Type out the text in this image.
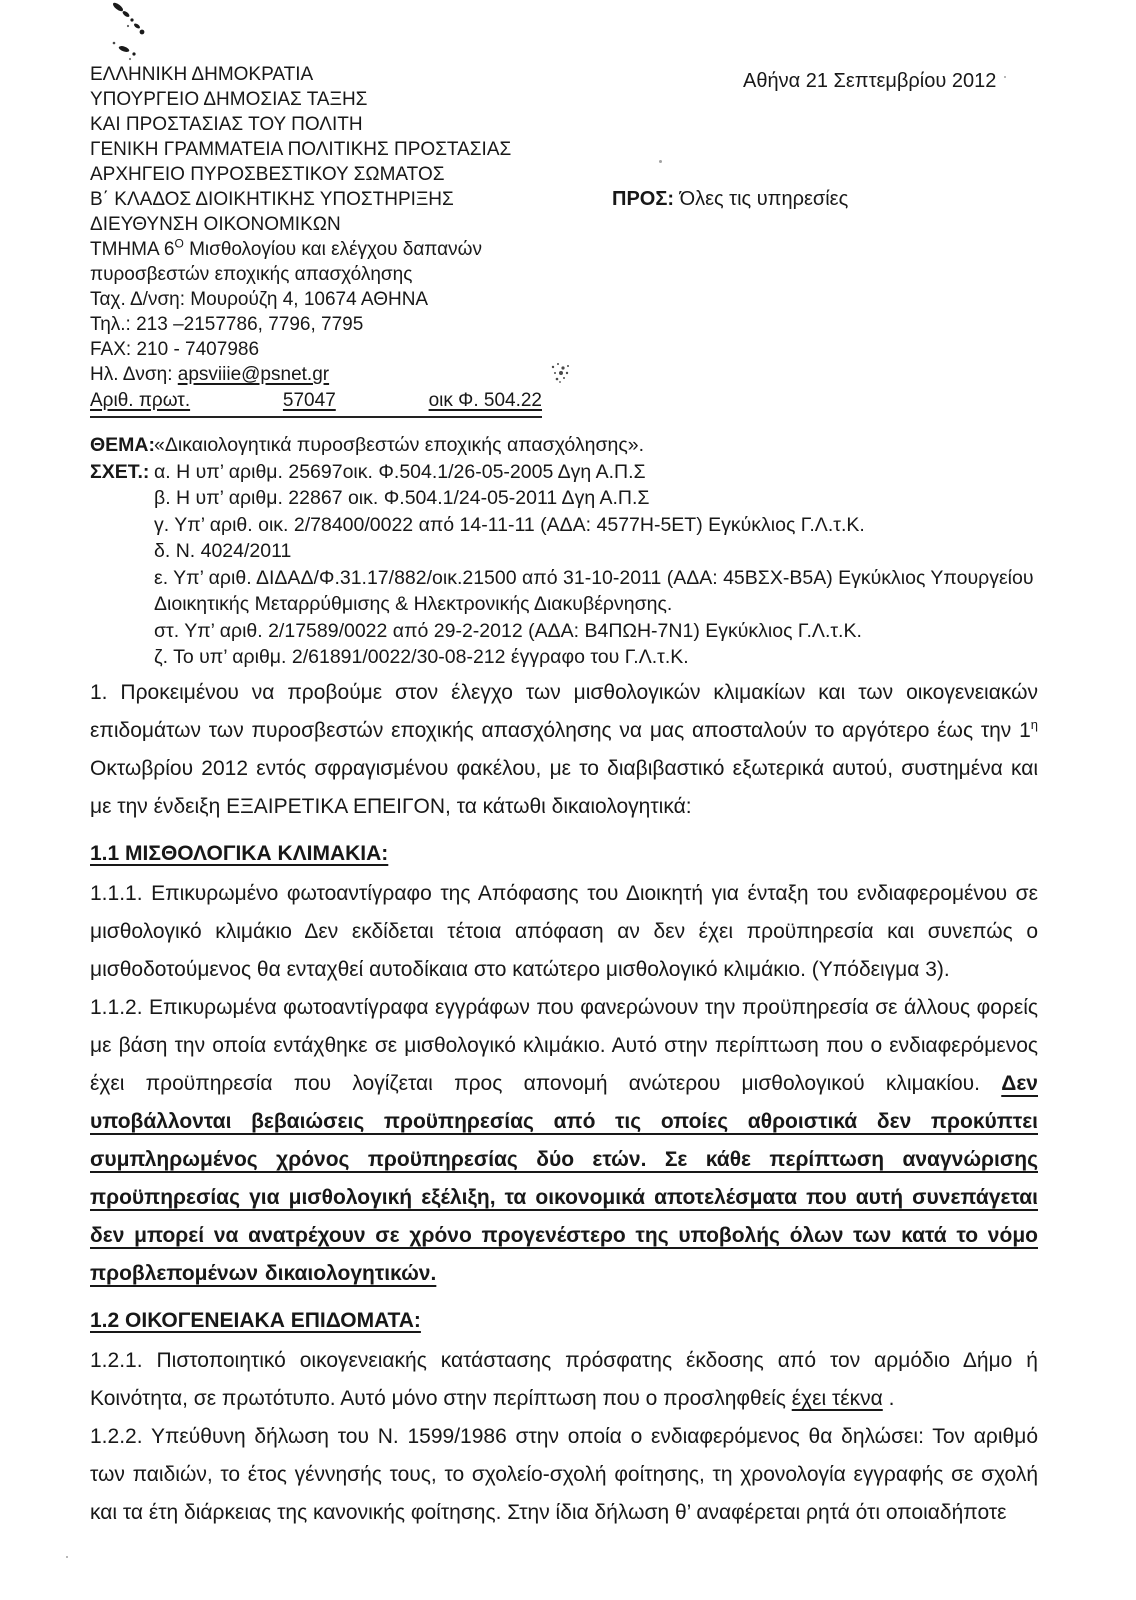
ΕΛΛΗΝΙΚΗ ΔΗΜΟΚΡΑΤΙΑ
ΥΠΟΥΡΓΕΙΟ ΔΗΜΟΣΙΑΣ ΤΑΞΗΣ
ΚΑΙ ΠΡΟΣΤΑΣΙΑΣ ΤΟΥ ΠΟΛΙΤΗ
ΓΕΝΙΚΗ ΓΡΑΜΜΑΤΕΙΑ ΠΟΛΙΤΙΚΗΣ ΠΡΟΣΤΑΣΙΑΣ
ΑΡΧΗΓΕΙΟ ΠΥΡΟΣΒΕΣΤΙΚΟΥ ΣΩΜΑΤΟΣ
Β΄ ΚΛΑΔΟΣ ΔΙΟΙΚΗΤΙΚΗΣ ΥΠΟΣΤΗΡΙΞΗΣ
ΔΙΕΥΘΥΝΣΗ ΟΙΚΟΝΟΜΙΚΩΝ
ΤΜΗΜΑ $6^O$ Μισθολογίου και ελέγχου δαπανών
πυροσβεστών εποχικής απασχόλησης
Ταχ. Δ/νση: Μουρούζη 4, 10674 ΑΘΗΝΑ
Τηλ.: 213 –2157786, 7796, 7795
FAX: 210 - 7407986
Ηλ. Δνση: apsviiie@psnet.gr
Αριθ. πρωτ.	57047	οικ Φ. 504.22
Αθήνα 21 Σεπτεμβρίου 2012
ΠΡΟΣ: Όλες τις υπηρεσίες
ΘΕΜΑ: «Δικαιολογητικά πυροσβεστών εποχικής απασχόλησης».
ΣΧΕΤ.: α. Η υπ’ αριθμ. 25697οικ. Φ.504.1/26-05-2005 Δγη Α.Π.Σ
β. Η υπ’ αριθμ. 22867 οικ. Φ.504.1/24-05-2011 Δγη Α.Π.Σ
γ. Υπ’ αριθ. οικ. 2/78400/0022 από 14-11-11 (ΑΔΑ: 4577Η-5ΕΤ) Εγκύκλιος Γ.Λ.τ.Κ.
δ. Ν. 4024/2011
ε. Υπ’ αριθ. ΔΙΔΑΔ/Φ.31.17/882/οικ.21500 από 31-10-2011 (ΑΔΑ: 45ΒΣΧ-Β5Α) Εγκύκλιος Υπουργείου Διοικητικής Μεταρρύθμισης & Ηλεκτρονικής Διακυβέρνησης.
στ. Υπ’ αριθ. 2/17589/0022 από 29-2-2012 (ΑΔΑ: Β4ΠΩΗ-7Ν1) Εγκύκλιος Γ.Λ.τ.Κ.
ζ. Το υπ’ αριθμ. 2/61891/0022/30-08-212 έγγραφο του Γ.Λ.τ.Κ.

1. Προκειμένου να προβούμε στον έλεγχο των μισθολογικών κλιμακίων και των οικογενειακών επιδομάτων των πυροσβεστών εποχικής απασχόλησης να μας αποσταλούν το αργότερο έως την $1^\eta$ Οκτωβρίου 2012 εντός σφραγισμένου φακέλου, με το διαβιβαστικό εξωτερικά αυτού, συστημένα και με την ένδειξη ΕΞΑΙΡΕΤΙΚΑ ΕΠΕΙΓΟΝ, τα κάτωθι δικαιολογητικά:

1.1 ΜΙΣΘΟΛΟΓΙΚΑ ΚΛΙΜΑΚΙΑ:

1.1.1. Επικυρωμένο φωτοαντίγραφο της Απόφασης του Διοικητή για ένταξη του ενδιαφερομένου σε μισθολογικό κλιμάκιο Δεν εκδίδεται τέτοια απόφαση αν δεν έχει προϋπηρεσία και συνεπώς ο μισθοδοτούμενος θα ενταχθεί αυτοδίκαια στο κατώτερο μισθολογικό κλιμάκιο. (Υπόδειγμα 3).

1.1.2. Επικυρωμένα φωτοαντίγραφα εγγράφων που φανερώνουν την προϋπηρεσία σε άλλους φορείς με βάση την οποία εντάχθηκε σε μισθολογικό κλιμάκιο. Αυτό στην περίπτωση που ο ενδιαφερόμενος έχει προϋπηρεσία που λογίζεται προς απονομή ανώτερου μισθολογικού κλιμακίου. Δεν υποβάλλονται βεβαιώσεις προϋπηρεσίας από τις οποίες αθροιστικά δεν προκύπτει συμπληρωμένος χρόνος προϋπηρεσίας δύο ετών. Σε κάθε περίπτωση αναγνώρισης προϋπηρεσίας για μισθολογική εξέλιξη, τα οικονομικά αποτελέσματα που αυτή συνεπάγεται δεν μπορεί να ανατρέχουν σε χρόνο προγενέστερο της υποβολής όλων των κατά το νόμο προβλεπομένων δικαιολογητικών.

1.2 ΟΙΚΟΓΕΝΕΙΑΚΑ ΕΠΙΔΟΜΑΤΑ:

1.2.1. Πιστοποιητικό οικογενειακής κατάστασης πρόσφατης έκδοσης από τον αρμόδιο Δήμο ή Κοινότητα, σε πρωτότυπο. Αυτό μόνο στην περίπτωση που ο προσληφθείς έχει τέκνα .

1.2.2. Υπεύθυνη δήλωση του Ν. 1599/1986 στην οποία ο ενδιαφερόμενος θα δηλώσει: Τον αριθμό των παιδιών, το έτος γέννησής τους, το σχολείο-σχολή φοίτησης, τη χρονολογία εγγραφής σε σχολή και τα έτη διάρκειας της κανονικής φοίτησης. Στην ίδια δήλωση θ’ αναφέρεται ρητά ότι οποιαδήποτε
